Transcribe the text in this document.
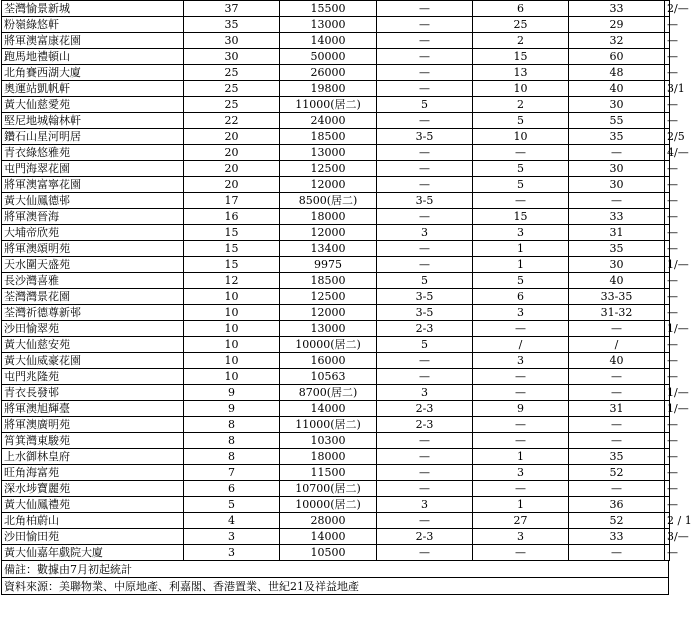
荃灣愉景新城	37	15500	—	6	33	2/—
粉嶺綠悠軒	35	13000	—	25	29	—
將軍澳富康花園	30	14000	—	2	32	—
跑馬地禮頓山	30	50000	—	15	60	—
北角賽西湖大廈	25	26000	—	13	48	—
奧運站凱帆軒	25	19800	—	10	40	3/1
黃大仙慈愛苑	25	11000(居二)	5	2	30	—
堅尼地城翰林軒	22	24000	—	5	55	—
鑽石山星河明居	20	18500	3-5	10	35	2/5
青衣綠悠雅苑	20	13000	—	—	—	4/—
屯門海翠花園	20	12500	—	5	30	—
將軍澳富寧花園	20	12000	—	5	30	—
黃大仙鳳德邨	17	8500(居二)	3-5	—	—	—
將軍澳晉海	16	18000	—	15	33	—
大埔帝欣苑	15	12000	3	3	31	—
將軍澳頌明苑	15	13400	—	1	35	—
天水圍天盛苑	15	9975	—	1	30	1/—
長沙灣喜雅	12	18500	5	5	40	—
荃灣灣景花園	10	12500	3-5	6	33-35	—
荃灣祈德尊新邨	10	12000	3-5	3	31-32	—
沙田愉翠苑	10	13000	2-3	—	—	1/—
黃大仙慈安苑	10	10000(居二)	5	/	/	—
黃大仙威豪花園	10	16000	—	3	40	—
屯門兆隆苑	10	10563	—	—	—	—
青衣長發邨	9	8700(居二)	3	—	—	1/—
將軍澳旭輝臺	9	14000	2-3	9	31	1/—
將軍澳廣明苑	8	11000(居二)	2-3	—	—	—
筲箕灣東駿苑	8	10300	—	—	—	—
上水御林皇府	8	18000	—	1	35	—
旺角海富苑	7	11500	—	3	52	—
深水埗寶麗苑	6	10700(居二)	—	—	—	—
黃大仙鳳禮苑	5	10000(居二)	3	1	36	—
北角柏蔚山	4	28000	—	27	52	2 / 1
沙田愉田苑	3	14000	2-3	3	33	3/—
黃大仙嘉年戲院大廈	3	10500	—	—	—	—
備註：數據由7月初起統計
資料來源：美聯物業、中原地產、利嘉閣、香港置業、世紀21及祥益地產
